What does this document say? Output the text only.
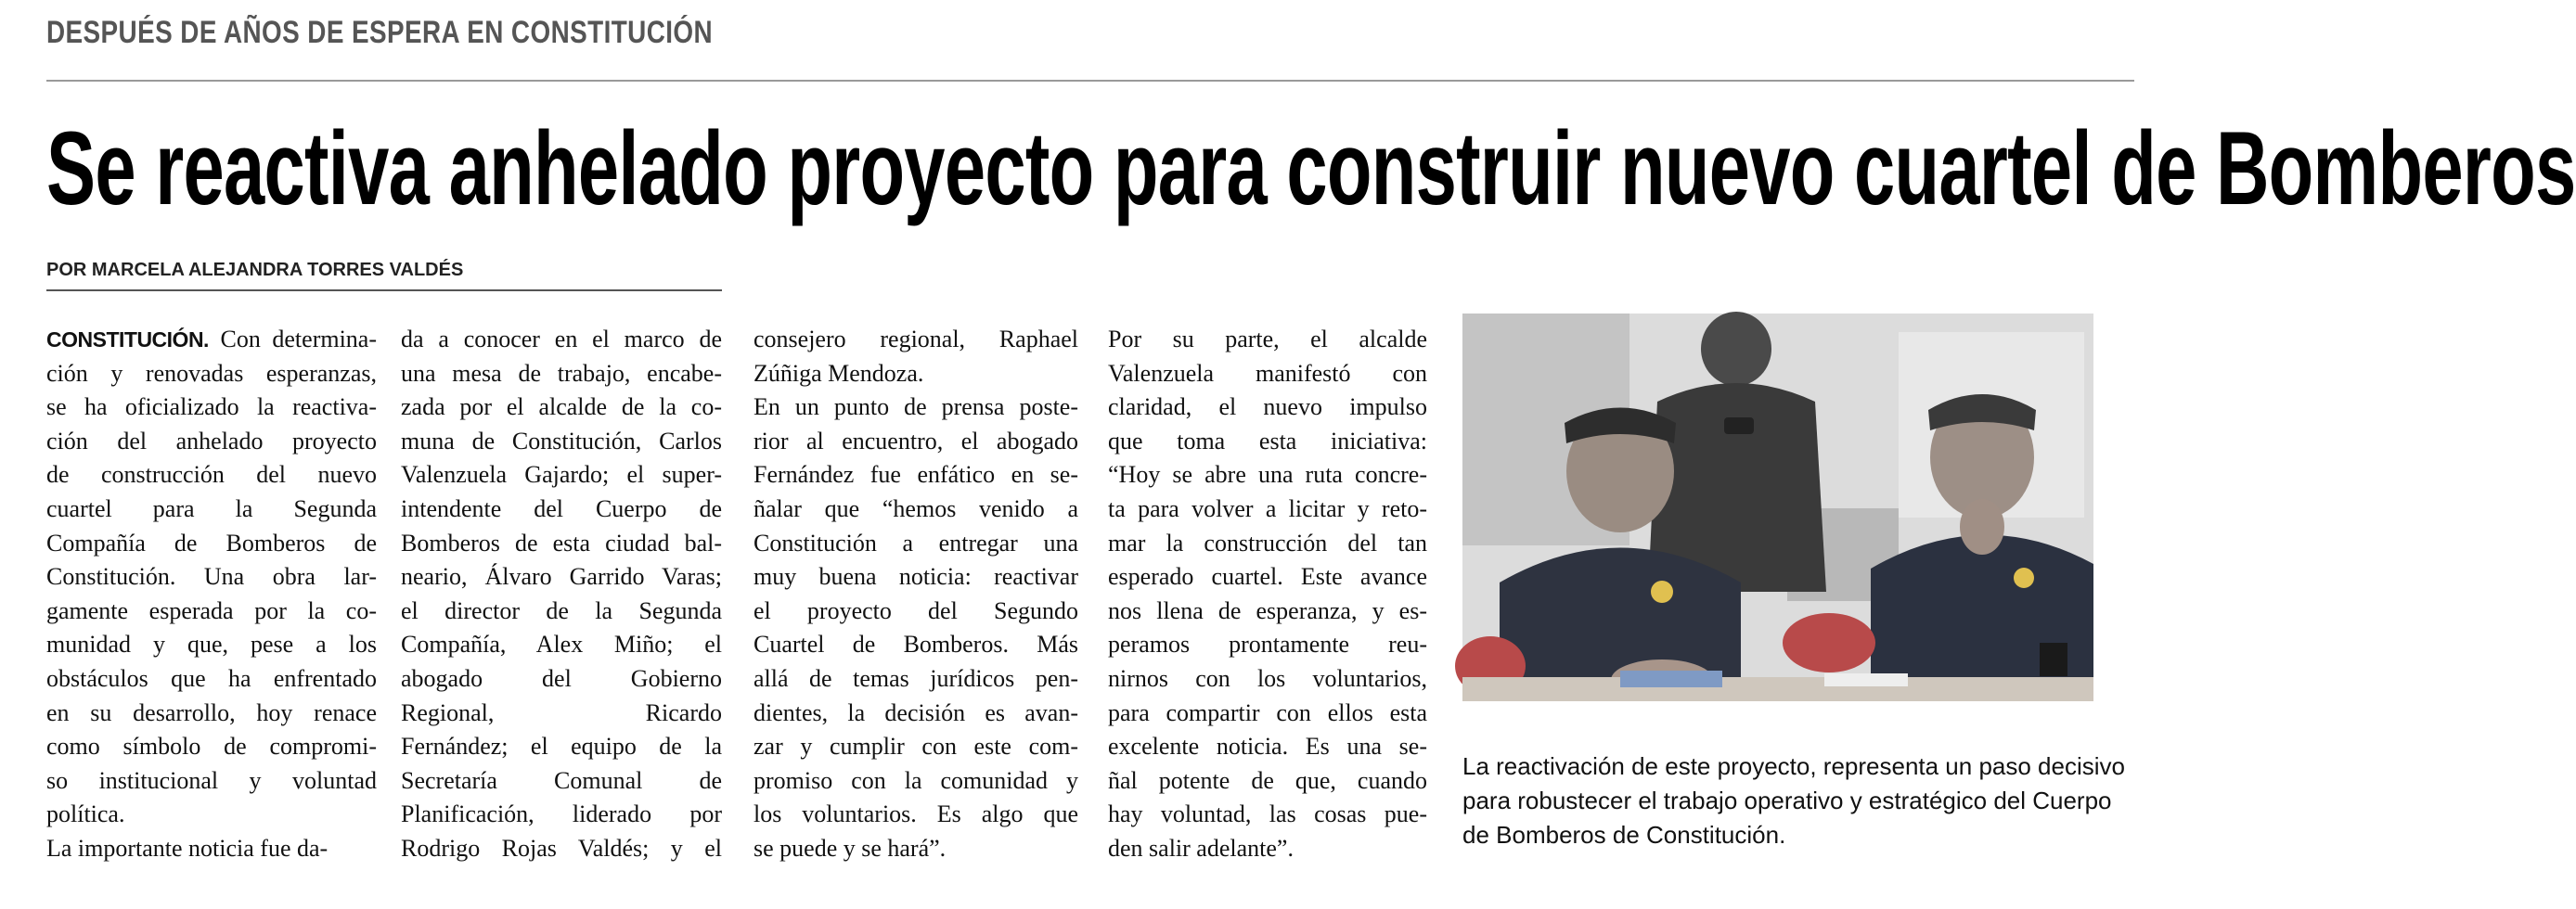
DESPUÉS DE AÑOS DE ESPERA EN CONSTITUCIÓN
Se reactiva anhelado proyecto para construir nuevo cuartel de Bomberos
POR MARCELA ALEJANDRA TORRES VALDÉS

CONSTITUCIÓN. Con determina-

ción y renovadas esperanzas,

se ha oficializado la reactiva-

ción del anhelado proyecto

de construcción del nuevo

cuartel para la Segunda

Compañía de Bomberos de

Constitución. Una obra lar-

gamente esperada por la co-

munidad y que, pese a los

obstáculos que ha enfrentado

en su desarrollo, hoy renace

como símbolo de compromi-

so institucional y voluntad

política.

La importante noticia fue da-

da a conocer en el marco de

una mesa de trabajo, encabe-

zada por el alcalde de la co-

muna de Constitución, Carlos

Valenzuela Gajardo; el super-

intendente del Cuerpo de

Bomberos de esta ciudad bal-

neario, Álvaro Garrido Varas;

el director de la Segunda

Compañía, Alex Miño; el

abogado del Gobierno

Regional, Ricardo

Fernández; el equipo de la

Secretaría Comunal de

Planificación, liderado por

Rodrigo Rojas Valdés; y el

consejero regional, Raphael

Zúñiga Mendoza.

En un punto de prensa poste-

rior al encuentro, el abogado

Fernández fue enfático en se-

ñalar que “hemos venido a

Constitución a entregar una

muy buena noticia: reactivar

el proyecto del Segundo

Cuartel de Bomberos. Más

allá de temas jurídicos pen-

dientes, la decisión es avan-

zar y cumplir con este com-

promiso con la comunidad y

los voluntarios. Es algo que

se puede y se hará”.

Por su parte, el alcalde

Valenzuela manifestó con

claridad, el nuevo impulso

que toma esta iniciativa:

“Hoy se abre una ruta concre-

ta para volver a licitar y reto-

mar la construcción del tan

esperado cuartel. Este avance

nos llena de esperanza, y es-

peramos prontamente reu-

nirnos con los voluntarios,

para compartir con ellos esta

excelente noticia. Es una se-

ñal potente de que, cuando

hay voluntad, las cosas pue-

den salir adelante”.

La reactivación de este proyecto, representa un paso decisivo
para robustecer el trabajo operativo y estratégico del Cuerpo
de Bomberos de Constitución.
